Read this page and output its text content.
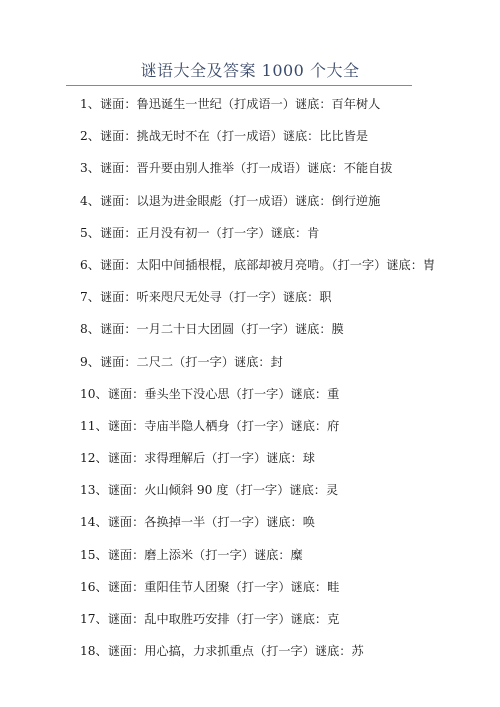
谜语大全及答案 1000 个大全
1、谜面：鲁迅诞生一世纪（打成语一）谜底：百年树人
2、谜面：挑战无时不在（打一成语）谜底：比比皆是
3、谜面：晋升要由别人推举（打一成语）谜底：不能自拔
4、谜面：以退为进金眼彪（打一成语）谜底：倒行逆施
5、谜面：正月没有初一（打一字）谜底：肯
6、谜面：太阳中间插根棍，底部却被月亮啃。（打一字）谜底：胄
7、谜面：听来咫尺无处寻（打一字）谜底：职
8、谜面：一月二十日大团圆（打一字）谜底：膜
9、谜面：二尺二（打一字）谜底：封
10、谜面：垂头坐下没心思（打一字）谜底：重
11、谜面：寺庙半隐人栖身（打一字）谜底：府
12、谜面：求得理解后（打一字）谜底：球
13、谜面：火山倾斜 90 度（打一字）谜底：灵
14、谜面：各换掉一半（打一字）谜底：唤
15、谜面：磨上添米（打一字）谜底：糜
16、谜面：重阳佳节人团聚（打一字）谜底：畦
17、谜面：乱中取胜巧安排（打一字）谜底：克
18、谜面：用心搞，力求抓重点（打一字）谜底：苏
